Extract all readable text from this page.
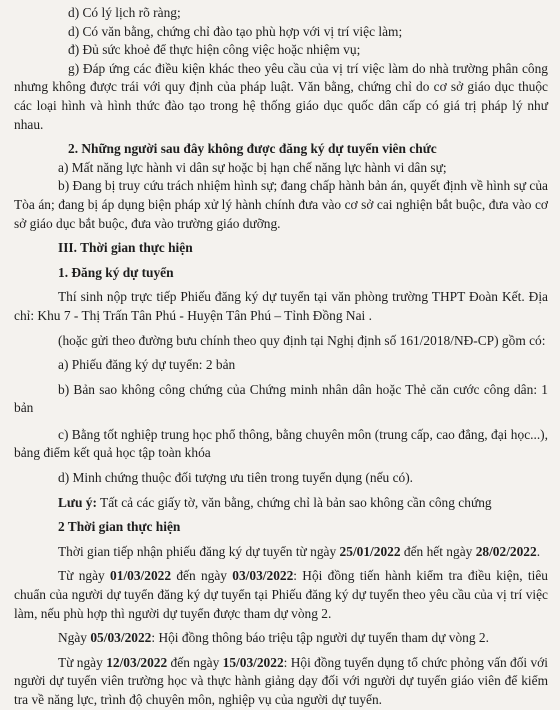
d) Có lý lịch rõ ràng;

d) Có văn bằng, chứng chỉ đào tạo phù hợp với vị trí việc làm;

đ) Đủ sức khoẻ để thực hiện công việc hoặc nhiệm vụ;

g) Đáp ứng các điều kiện khác theo yêu cầu của vị trí việc làm do nhà trường phân công nhưng không được trái với quy định của pháp luật. Văn bằng, chứng chỉ do cơ sở giáo dục thuộc các loại hình và hình thức đào tạo trong hệ thống giáo dục quốc dân cấp có giá trị pháp lý như nhau.

2. Những người sau đây không được đăng ký dự tuyển viên chức

a) Mất năng lực hành vi dân sự hoặc bị hạn chế năng lực hành vi dân sự;

b) Đang bị truy cứu trách nhiệm hình sự; đang chấp hành bản án, quyết định về hình sự của Tòa án; đang bị áp dụng biện pháp xử lý hành chính đưa vào cơ sở cai nghiện bắt buộc, đưa vào cơ sở giáo dục bắt buộc, đưa vào trường giáo dưỡng.

III. Thời gian thực hiện

1. Đăng ký dự tuyển

Thí sinh nộp trực tiếp Phiếu đăng ký dự tuyển tại văn phòng trường THPT Đoàn Kết. Địa chỉ: Khu 7 - Thị Trấn Tân Phú - Huyện Tân Phú – Tỉnh Đồng Nai .

(hoặc gửi theo đường bưu chính theo quy định tại Nghị định số 161/2018/NĐ-CP) gồm có:

a) Phiếu đăng ký dự tuyển: 2 bản

b) Bản sao không công chứng của Chứng minh nhân dân hoặc Thẻ căn cước công dân: 1 bản

c) Bằng tốt nghiệp trung học phổ thông, bằng chuyên môn (trung cấp, cao đẳng, đại học...), bảng điểm kết quả học tập toàn khóa

d) Minh chứng thuộc đối tượng ưu tiên trong tuyển dụng (nếu có).

Lưu ý: Tất cả các giấy tờ, văn bằng, chứng chỉ là bản sao không cần công chứng

2 Thời gian thực hiện

Thời gian tiếp nhận phiếu đăng ký dự tuyển từ ngày 25/01/2022 đến hết ngày 28/02/2022.

Từ ngày 01/03/2022 đến ngày 03/03/2022: Hội đồng tiến hành kiểm tra điều kiện, tiêu chuẩn của người dự tuyển đăng ký dự tuyển tại Phiếu đăng ký dự tuyển theo yêu cầu của vị trí việc làm, nếu phù hợp thì người dự tuyển được tham dự vòng 2.

Ngày 05/03/2022: Hội đồng thông báo triệu tập người dự tuyển tham dự vòng 2.

Từ ngày 12/03/2022 đến ngày 15/03/2022: Hội đồng tuyển dụng tổ chức phỏng vấn đối với người dự tuyển viên trường học và thực hành giảng dạy đối với người dự tuyển giáo viên để kiểm tra về năng lực, trình độ chuyên môn, nghiệp vụ của người dự tuyển.
